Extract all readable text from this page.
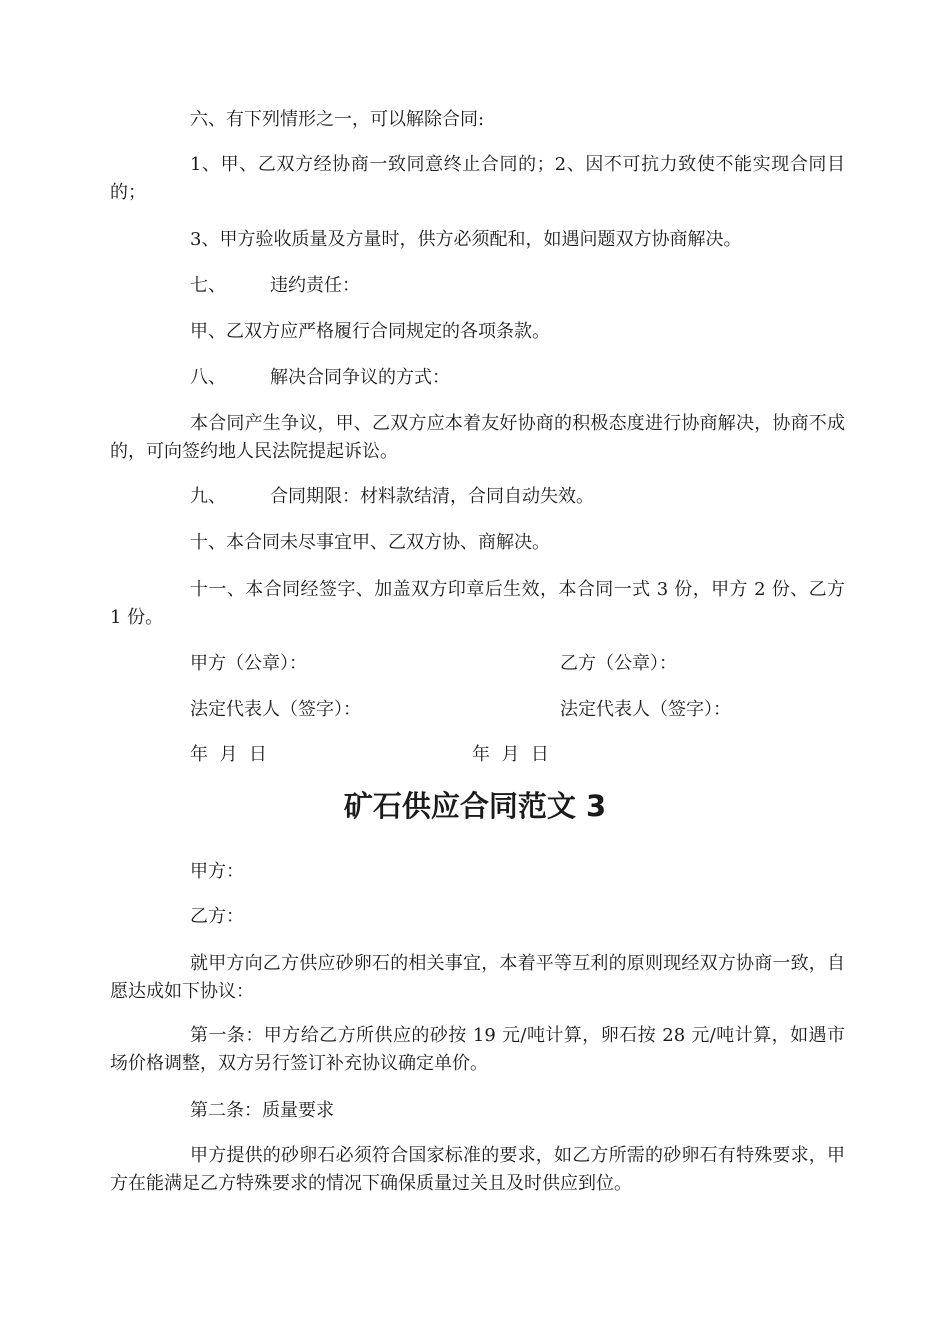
六、有下列情形之一，可以解除合同:

1、甲、乙双方经协商一致同意终止合同的；2、因不可抗力致使不能实现合同目的；

3、甲方验收质量及方量时，供方必须配和，如遇问题双方协商解决。

七、 违约责任：

甲、乙双方应严格履行合同规定的各项条款。

八、 解决合同争议的方式：

本合同产生争议，甲、乙双方应本着友好协商的积极态度进行协商解决，协商不成的，可向签约地人民法院提起诉讼。

九、 合同期限：材料款结清，合同自动失效。

十、本合同未尽事宜甲、乙双方协、商解决。

十一、本合同经签字、加盖双方印章后生效，本合同一式 3 份，甲方 2 份、乙方 1 份。

甲方（公章）：	乙方（公章）：

法定代表人（签字）：	法定代表人（签字）：

年  月  日	年  月  日

矿石供应合同范文 3

甲方：

乙方：

就甲方向乙方供应砂卵石的相关事宜，本着平等互利的原则现经双方协商一致，自愿达成如下协议：

第一条：甲方给乙方所供应的砂按 19 元/吨计算，卵石按 28 元/吨计算，如遇市场价格调整，双方另行签订补充协议确定单价。

第二条：质量要求

甲方提供的砂卵石必须符合国家标准的要求，如乙方所需的砂卵石有特殊要求，甲方在能满足乙方特殊要求的情况下确保质量过关且及时供应到位。
